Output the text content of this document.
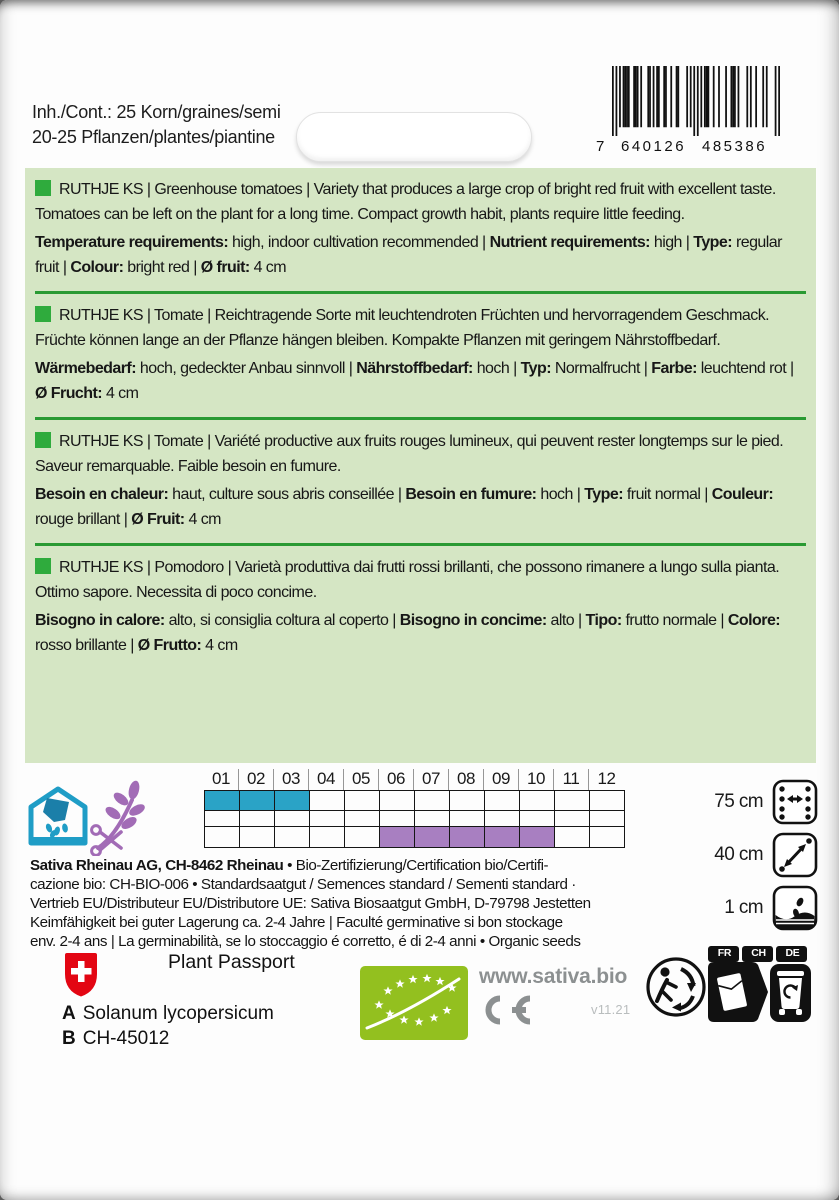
Inh./Cont.: 25 Korn/graines/semi
20-25 Pflanzen/plantes/piantine	7 640126 485386

RUTHJE KS | Greenhouse tomatoes | Variety that produces a large crop of bright red fruit with excellent taste. Tomatoes can be left on the plant for a long time. Compact growth habit, plants require little feeding.

Temperature requirements: high, indoor cultivation recommended | Nutrient requirements: high | Type: regular fruit | Colour: bright red | Ø fruit: 4 cm

RUTHJE KS | Tomate | Reichtragende Sorte mit leuchtendroten Früchten und hervorragendem Geschmack. Früchte können lange an der Pflanze hängen bleiben. Kompakte Pflanzen mit geringem Nährstoffbedarf.

Wärmebedarf: hoch, gedeckter Anbau sinnvoll | Nährstoffbedarf: hoch | Typ: Normalfrucht | Farbe: leuchtend rot | Ø Frucht: 4 cm

RUTHJE KS | Tomate | Variété productive aux fruits rouges lumineux, qui peuvent rester longtemps sur le pied. Saveur remarquable. Faible besoin en fumure.

Besoin en chaleur: haut, culture sous abris conseillée | Besoin en fumure: hoch | Type: fruit normal | Couleur: rouge brillant | Ø Fruit: 4 cm

RUTHJE KS | Pomodoro | Varietà produttiva dai frutti rossi brillanti, che possono rimanere a lungo sulla pianta. Ottimo sapore. Necessita di poco concime.

Bisogno in calore: alto, si consiglia coltura al coperto | Bisogno in concime: alto | Tipo: frutto normale | Colore: rosso brillante | Ø Frutto: 4 cm

01	02	03	04	05	06	07	08	09	10	11	12
75 cm
40 cm
1 cm
Sativa Rheinau AG, CH-8462 Rheinau • Bio-Zertifizierung/Certification bio/Certifi-
cazione bio: CH-BIO-006 • Standardsaatgut / Semences standard / Sementi standard ·
Vertrieb EU/Distributeur EU/Distributore UE: Sativa Biosaatgut GmbH, D-79798 Jestetten
Keimfähigkeit bei guter Lagerung ca. 2-4 Jahre | Faculté germinative si bon stockage
env. 2-4 ans | La germinabilità, se lo stoccaggio é corretto, é di 2-4 anni • Organic seeds
Plant Passport
A Solanum lycopersicum
B CH-45012
www.sativa.bio
v11.21
FR	CH	DE
